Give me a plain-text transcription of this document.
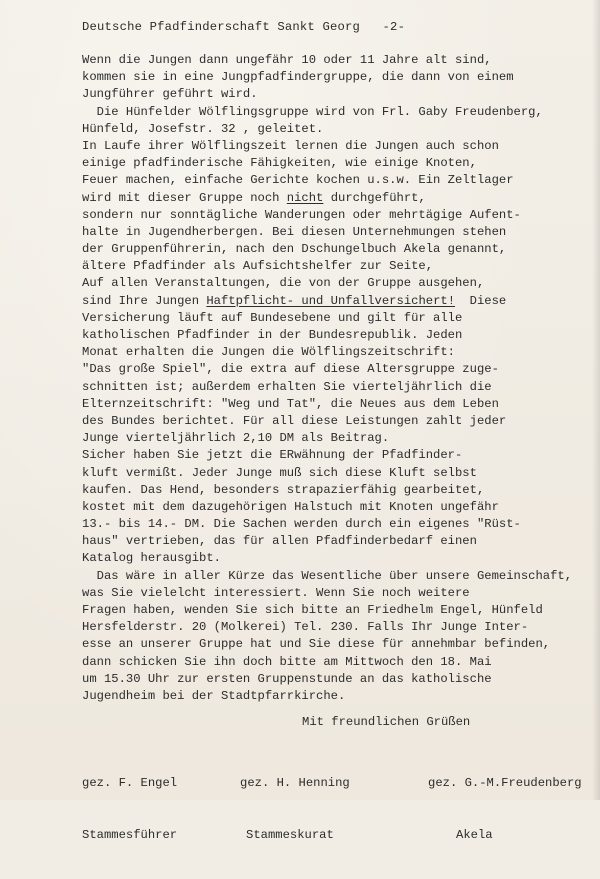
Deutsche Pfadfinderschaft Sankt Georg   -2-
Wenn die Jungen dann ungefähr 10 oder 11 Jahre alt sind,
kommen sie in eine Jungpfadfindergruppe, die dann von einem
Jungführer geführt wird.
Die Hünfelder Wölflingsgruppe wird von Frl. Gaby Freudenberg,
Hünfeld, Josefstr. 32 , geleitet.
In Laufe ihrer Wölflingszeit lernen die Jungen auch schon
einige pfadfinderische Fähigkeiten, wie einige Knoten,
Feuer machen, einfache Gerichte kochen u.s.w. Ein Zeltlager
wird mit dieser Gruppe noch nicht durchgeführt,
sondern nur sonntägliche Wanderungen oder mehrtägige Aufent-
halte in Jugendherbergen. Bei diesen Unternehmungen stehen
der Gruppenführerin, nach den Dschungelbuch Akela genannt,
ältere Pfadfinder als Aufsichtshelfer zur Seite,
Auf allen Veranstaltungen, die von der Gruppe ausgehen,
sind Ihre Jungen Haftpflicht- und Unfallversichert!  Diese
Versicherung läuft auf Bundesebene und gilt für alle
katholischen Pfadfinder in der Bundesrepublik. Jeden
Monat erhalten die Jungen die Wölflingszeitschrift:
"Das große Spiel", die extra auf diese Altersgruppe zuge-
schnitten ist; außerdem erhalten Sie vierteljährlich die
Elternzeitschrift: "Weg und Tat", die Neues aus dem Leben
des Bundes berichtet. Für all diese Leistungen zahlt jeder
Junge vierteljährlich 2,10 DM als Beitrag.
Sicher haben Sie jetzt die ERwähnung der Pfadfinder-
kluft vermißt. Jeder Junge muß sich diese Kluft selbst
kaufen. Das Hend, besonders strapazierfähig gearbeitet,
kostet mit dem dazugehörigen Halstuch mit Knoten ungefähr
13.- bis 14.- DM. Die Sachen werden durch ein eigenes "Rüst-
haus" vertrieben, das für allen Pfadfinderbedarf einen
Katalog herausgibt.
Das wäre in aller Kürze das Wesentliche über unsere Gemeinschaft,
was Sie vielelcht interessiert. Wenn Sie noch weitere
Fragen haben, wenden Sie sich bitte an Friedhelm Engel, Hünfeld
Hersfelderstr. 20 (Molkerei) Tel. 230. Falls Ihr Junge Inter-
esse an unserer Gruppe hat und Sie diese für annehmbar befinden,
dann schicken Sie ihn doch bitte am Mittwoch den 18. Mai
um 15.30 Uhr zur ersten Gruppenstunde an das katholische
Jugendheim bei der Stadtpfarrkirche.
Mit freundlichen Grüßen

gez. F. Engel

Stammesführer

gez. H. Henning

Stammeskurat

gez. G.-M.Freudenberg

Akela
